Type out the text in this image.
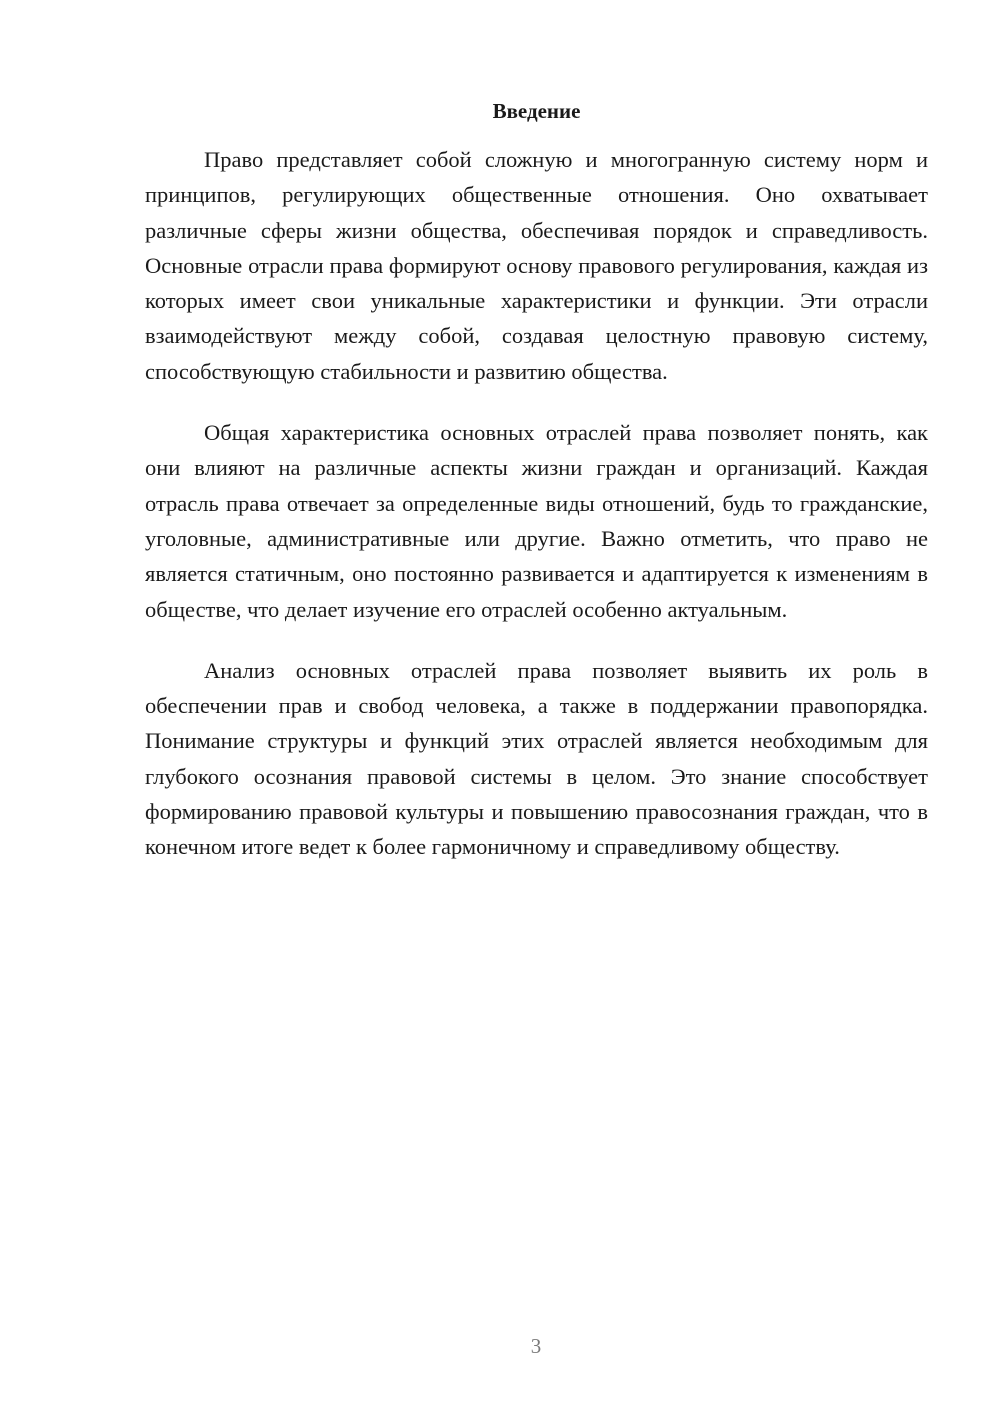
Введение

Право представляет собой сложную и многогранную систему норм и принципов, регулирующих общественные отношения. Оно охватывает различные сферы жизни общества, обеспечивая порядок и справедливость. Основные отрасли права формируют основу правового регулирования, каждая из которых имеет свои уникальные характеристики и функции. Эти отрасли взаимодействуют между собой, создавая целостную правовую систему, способствующую стабильности и развитию общества.

Общая характеристика основных отраслей права позволяет понять, как они влияют на различные аспекты жизни граждан и организаций. Каждая отрасль права отвечает за определенные виды отношений, будь то гражданские, уголовные, административные или другие. Важно отметить, что право не является статичным, оно постоянно развивается и адаптируется к изменениям в обществе, что делает изучение его отраслей особенно актуальным.

Анализ основных отраслей права позволяет выявить их роль в обеспечении прав и свобод человека, а также в поддержании правопорядка. Понимание структуры и функций этих отраслей является необходимым для глубокого осознания правовой системы в целом. Это знание способствует формированию правовой культуры и повышению правосознания граждан, что в конечном итоге ведет к более гармоничному и справедливому обществу.

3
